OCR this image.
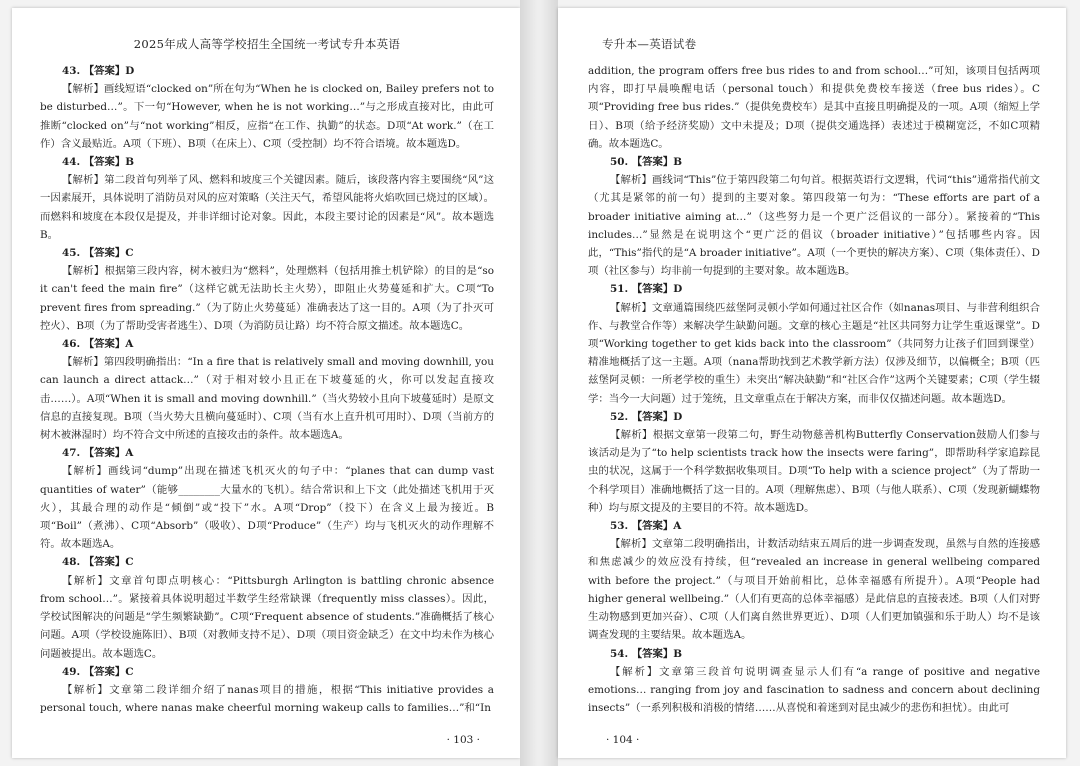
2025年成人高等学校招生全国统一考试专升本英语
43. 【答案】D
【解析】画线短语“clocked on”所在句为“When he is clocked on, Bailey prefers not to be disturbed…”。下一句“However, when he is not working…”与之形成直接对比，由此可推断“clocked on”与“not working”相反，应指“在工作、执勤”的状态。D项“At work.”（在工作）含义最贴近。A项（下班）、B项（在床上）、C项（受控制）均不符合语境。故本题选D。
44. 【答案】B
【解析】第二段首句列举了风、燃料和坡度三个关键因素。随后，该段落内容主要围绕“风”这一因素展开，具体说明了消防员对风的应对策略（关注天气，希望风能将火焰吹回已烧过的区域）。而燃料和坡度在本段仅是提及，并非详细讨论对象。因此，本段主要讨论的因素是“风”。故本题选B。
45. 【答案】C
【解析】根据第三段内容，树木被归为“燃料”，处理燃料（包括用推土机铲除）的目的是“so it can't feed the main fire”（这样它就无法助长主火势），即阻止火势蔓延和扩大。C项“To prevent fires from spreading.”（为了防止火势蔓延）准确表达了这一目的。A项（为了扑灭可控火）、B项（为了帮助受害者逃生）、D项（为消防员让路）均不符合原文描述。故本题选C。
46. 【答案】A
【解析】第四段明确指出：“In a fire that is relatively small and moving downhill, you can launch a direct attack…”（对于相对较小且正在下坡蔓延的火，你可以发起直接攻击……）。A项“When it is small and moving downhill.”（当火势较小且向下坡蔓延时）是原文信息的直接复现。B项（当火势大且横向蔓延时）、C项（当有水上直升机可用时）、D项（当前方的树木被淋湿时）均不符合文中所述的直接攻击的条件。故本题选A。
47. 【答案】A
【解析】画线词“dump”出现在描述飞机灭火的句子中：“planes that can dump vast quantities of water”（能够________大量水的飞机）。结合常识和上下文（此处描述飞机用于灭火），其最合理的动作是“倾倒”或“投下”水。A项“Drop”（投下）在含义上最为接近。B项“Boil”（煮沸）、C项“Absorb”（吸收）、D项“Produce”（生产）均与飞机灭火的动作理解不符。故本题选A。
48. 【答案】C
【解析】文章首句即点明核心：“Pittsburgh Arlington is battling chronic absence from school…”。紧接着具体说明超过半数学生经常缺课（frequently miss classes）。因此，学校试图解决的问题是“学生频繁缺勤”。C项“Frequent absence of students.”准确概括了核心问题。A项（学校设施陈旧）、B项（对教师支持不足）、D项（项目资金缺乏）在文中均未作为核心问题被提出。故本题选C。
49. 【答案】C
【解析】文章第二段详细介绍了nanas项目的措施，根据“This initiative provides a personal touch, where nanas make cheerful morning wakeup calls to families…”和“In
· 103 ·
专升本—英语试卷
addition, the program offers free bus rides to and from school…”可知，该项目包括两项内容，即打早晨唤醒电话（personal touch）和提供免费校车接送（free bus rides）。C项“Providing free bus rides.”（提供免费校车）是其中直接且明确提及的一项。A项（缩短上学日）、B项（给予经济奖励）文中未提及；D项（提供交通选择）表述过于模糊宽泛，不如C项精确。故本题选C。
50. 【答案】B
【解析】画线词“This”位于第四段第二句句首。根据英语行文逻辑，代词“this”通常指代前文（尤其是紧邻的前一句）提到的主要对象。第四段第一句为：“These efforts are part of a broader initiative aiming at…”（这些努力是一个更广泛倡议的一部分）。紧接着的“This includes…”显然是在说明这个“更广泛的倡议（broader initiative）”包括哪些内容。因此，“This”指代的是“A broader initiative”。A项（一个更快的解决方案）、C项（集体责任）、D项（社区参与）均非前一句提到的主要对象。故本题选B。
51. 【答案】D
【解析】文章通篇围绕匹兹堡阿灵顿小学如何通过社区合作（如nanas项目、与非营利组织合作、与教堂合作等）来解决学生缺勤问题。文章的核心主题是“社区共同努力让学生重返课堂”。D项“Working together to get kids back into the classroom”（共同努力让孩子们回到课堂）精准地概括了这一主题。A项（nana帮助找到艺术教学新方法）仅涉及细节，以偏概全；B项（匹兹堡阿灵顿：一所老学校的重生）未突出“解决缺勤”和“社区合作”这两个关键要素；C项（学生辍学：当今一大问题）过于笼统，且文章重点在于解决方案，而非仅仅描述问题。故本题选D。
52. 【答案】D
【解析】根据文章第一段第二句，野生动物慈善机构Butterfly Conservation鼓励人们参与该活动是为了“to help scientists track how the insects were faring”，即帮助科学家追踪昆虫的状况，这属于一个科学数据收集项目。D项“To help with a science project”（为了帮助一个科学项目）准确地概括了这一目的。A项（理解焦虑）、B项（与他人联系）、C项（发现新蝴蝶物种）均与原文提及的主要目的不符。故本题选D。
53. 【答案】A
【解析】文章第二段明确指出，计数活动结束五周后的进一步调查发现，虽然与自然的连接感和焦虑减少的效应没有持续，但“revealed an increase in general wellbeing compared with before the project.”（与项目开始前相比，总体幸福感有所提升）。A项“People had higher general wellbeing.”（人们有更高的总体幸福感）是此信息的直接表述。B项（人们对野生动物感到更加兴奋）、C项（人们离自然世界更近）、D项（人们更加镇强和乐于助人）均不是该调查发现的主要结果。故本题选A。
54. 【答案】B
【解析】文章第三段首句说明调查显示人们有“a range of positive and negative emotions… ranging from joy and fascination to sadness and concern about declining insects”（一系列积极和消极的情绪……从喜悦和着迷到对昆虫减少的悲伤和担忧）。由此可
· 104 ·
